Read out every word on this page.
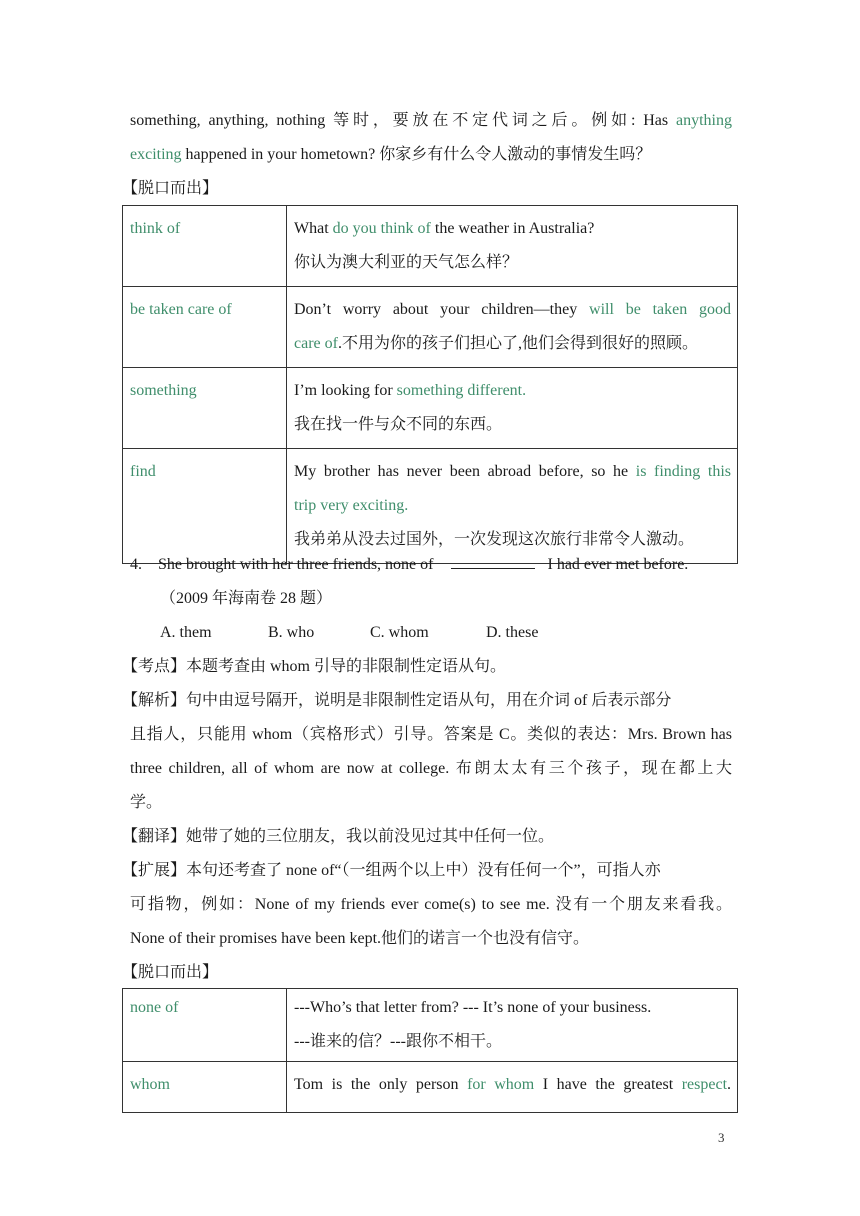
something, anything, nothing 等时，要放在不定代词之后。例如: Has anything
exciting happened in your hometown? 你家乡有什么令人激动的事情发生吗？
【脱口而出】
think of	What do you think of the weather in Australia?
你认为澳大利亚的天气怎么样？
be taken care of	Don’t worry about your children—they will be taken good
care of.不用为你的孩子们担心了,他们会得到很好的照顾。

something	I’m looking for something different.
我在找一件与众不同的东西。
find	My brother has never been abroad before, so he is finding this
trip very exciting.
我弟弟从没去过国外，一次发现这次旅行非常令人激动。
4. She brought with her three friends, none of	I had ever met before.
（2009 年海南卷 28 题）
A. them	B. who	C. whom	D. these
【考点】本题考查由 whom 引导的非限制性定语从句。
【解析】句中由逗号隔开，说明是非限制性定语从句，用在介词 of 后表示部分
且指人，只能用 whom（宾格形式）引导。答案是 C。类似的表达：Mrs. Brown has
three children, all of whom are now at college. 布朗太太有三个孩子，现在都上大
学。
【翻译】她带了她的三位朋友，我以前没见过其中任何一位。
【扩展】本句还考查了 none of“（一组两个以上中）没有任何一个”，可指人亦
可指物，例如：None of my friends ever come(s) to see me. 没有一个朋友来看我。
None of their promises have been kept.他们的诺言一个也没有信守。
【脱口而出】
none of	---Who’s that letter from? --- It’s none of your business.
---谁来的信？---跟你不相干。
whom	Tom is the only person for whom I have the greatest respect.
3
